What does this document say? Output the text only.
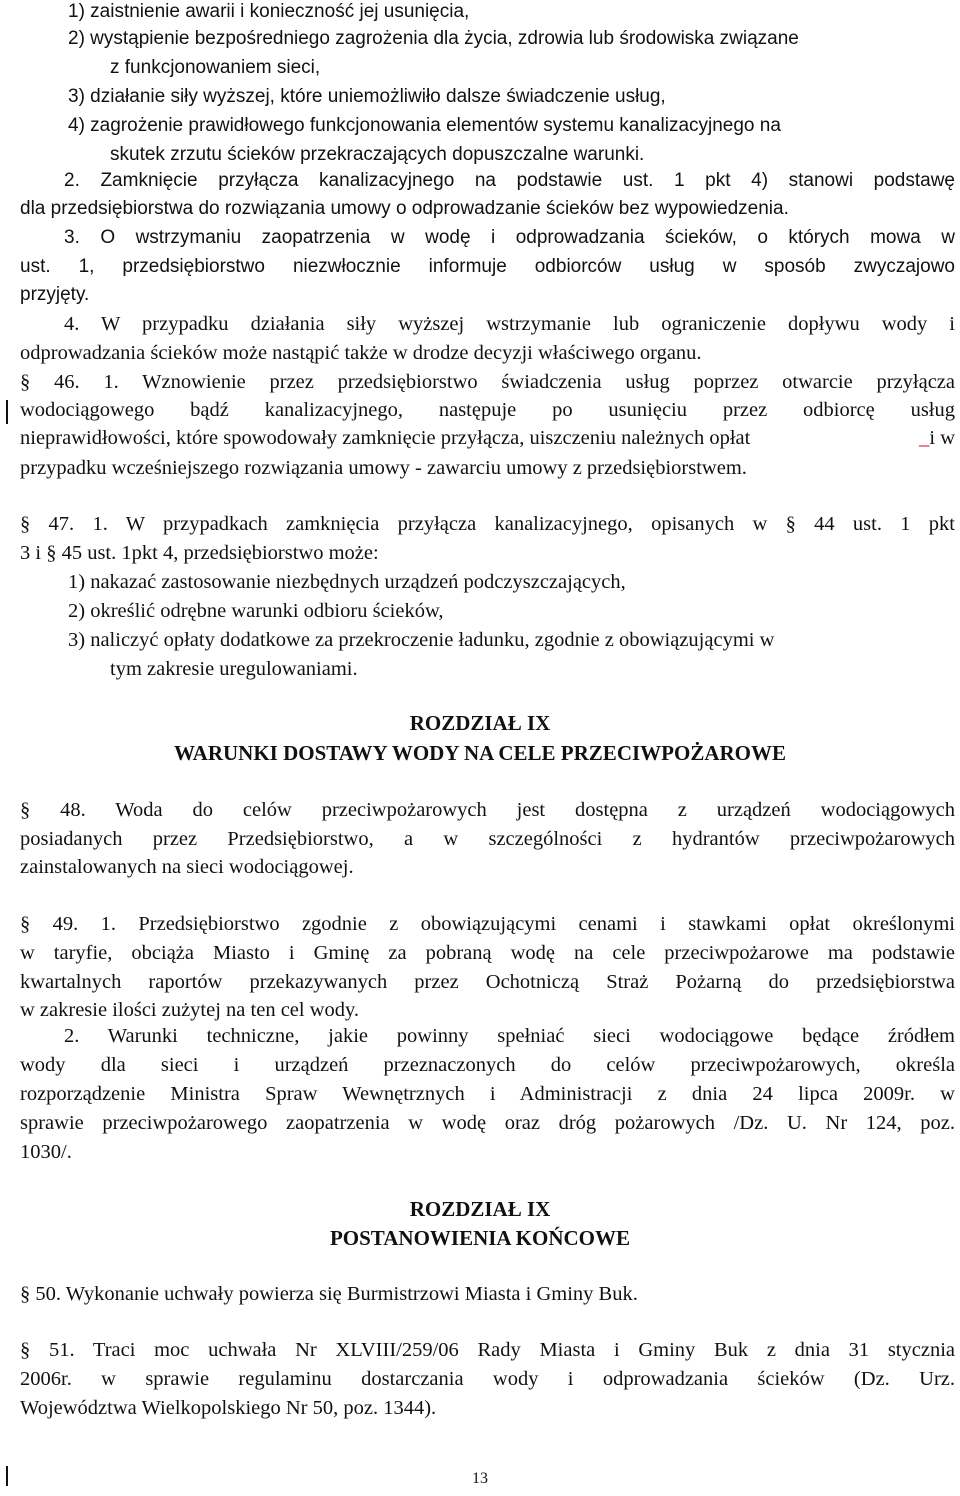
1) zaistnienie awarii i konieczność jej usunięcia,
2) wystąpienie bezpośredniego zagrożenia dla życia, zdrowia lub środowiska związane
z funkcjonowaniem sieci,
3) działanie siły wyższej, które uniemożliwiło dalsze świadczenie usług,
4) zagrożenie prawidłowego funkcjonowania elementów systemu kanalizacyjnego na
skutek zrzutu ścieków przekraczających dopuszczalne warunki.
2. Zamknięcie przyłącza kanalizacyjnego na podstawie ust. 1 pkt 4) stanowi podstawę
dla przedsiębiorstwa do rozwiązania umowy o odprowadzanie ścieków bez wypowiedzenia.
3. O wstrzymaniu zaopatrzenia w wodę i odprowadzania ścieków, o których mowa w
ust. 1, przedsiębiorstwo niezwłocznie informuje odbiorców usług w sposób zwyczajowo
przyjęty.
4. W przypadku działania siły wyższej wstrzymanie lub ograniczenie dopływu wody i
odprowadzania ścieków może nastąpić także w drodze decyzji właściwego organu.
§ 46. 1. Wznowienie przez przedsiębiorstwo świadczenia usług poprzez otwarcie przyłącza
wodociągowego bądź kanalizacyjnego, następuje po usunięciu przez odbiorcę usług
nieprawidłowości, które spowodowały zamknięcie przyłącza, uiszczeniu należnych opłat	_i w
przypadku wcześniejszego rozwiązania umowy - zawarciu umowy z przedsiębiorstwem.
§ 47. 1. W przypadkach zamknięcia przyłącza kanalizacyjnego, opisanych w § 44 ust. 1 pkt
3 i § 45 ust. 1pkt 4, przedsiębiorstwo może:
1) nakazać zastosowanie niezbędnych urządzeń podczyszczających,
2) określić odrębne warunki odbioru ścieków,
3) naliczyć opłaty dodatkowe za przekroczenie ładunku, zgodnie z obowiązującymi w
tym zakresie uregulowaniami.
ROZDZIAŁ IX
WARUNKI DOSTAWY WODY NA CELE PRZECIWPOŻAROWE
§ 48. Woda do celów przeciwpożarowych jest dostępna z urządzeń wodociągowych
posiadanych przez Przedsiębiorstwo, a w szczególności z hydrantów przeciwpożarowych
zainstalowanych na sieci wodociągowej.
§ 49. 1. Przedsiębiorstwo zgodnie z obowiązującymi cenami i stawkami opłat określonymi
w taryfie, obciąża Miasto i Gminę za pobraną wodę na cele przeciwpożarowe ma podstawie
kwartalnych raportów przekazywanych przez Ochotniczą Straż Pożarną do przedsiębiorstwa
w zakresie ilości zużytej na ten cel wody.
2. Warunki techniczne, jakie powinny spełniać sieci wodociągowe będące źródłem
wody dla sieci i urządzeń przeznaczonych do celów przeciwpożarowych, określa
rozporządzenie Ministra Spraw Wewnętrznych i Administracji z dnia 24 lipca 2009r. w
sprawie przeciwpożarowego zaopatrzenia w wodę oraz dróg pożarowych /Dz. U. Nr 124, poz.
1030/.
ROZDZIAŁ IX
POSTANOWIENIA KOŃCOWE
§ 50. Wykonanie uchwały powierza się Burmistrzowi Miasta i Gminy Buk.
§ 51. Traci moc uchwała Nr XLVIII/259/06 Rady Miasta i Gminy Buk z dnia 31 stycznia
2006r. w sprawie regulaminu dostarczania wody i odprowadzania ścieków (Dz. Urz.
Województwa Wielkopolskiego Nr 50, poz. 1344).
13
